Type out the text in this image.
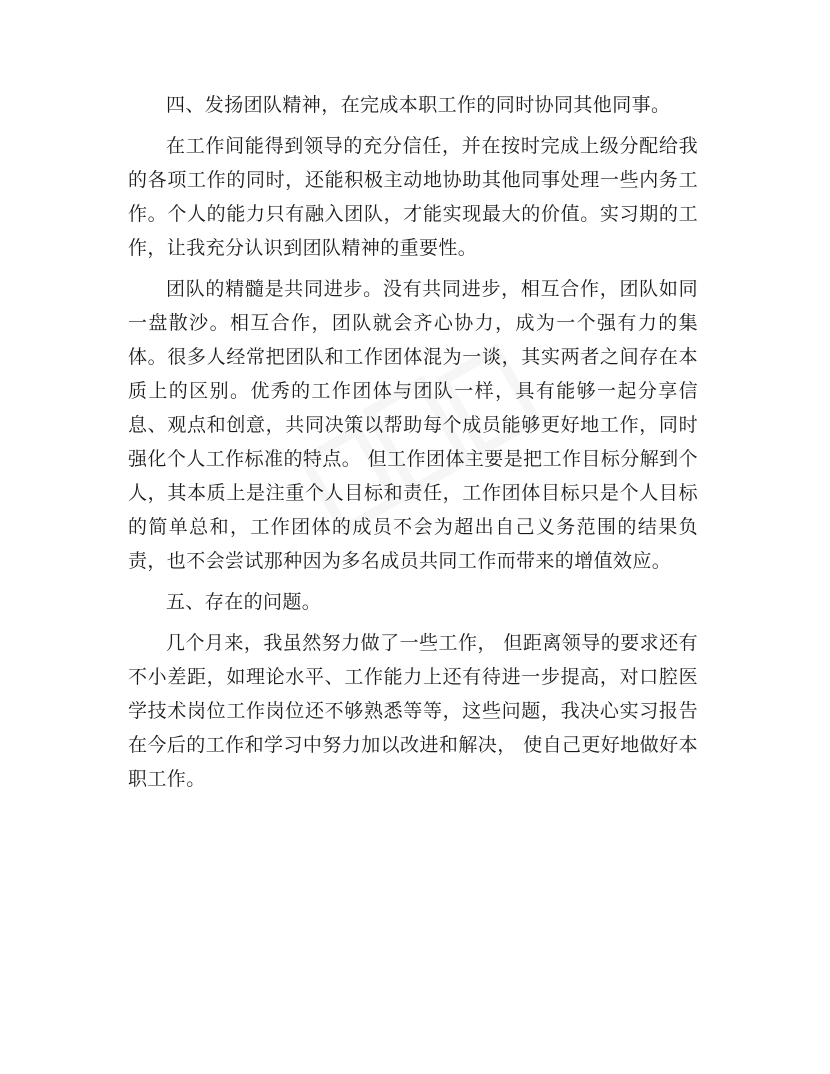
四、发扬团队精神，在完成本职工作的同时协同其他同事。

在工作间能得到领导的充分信任，并在按时完成上级分配给我的各项工作的同时，还能积极主动地协助其他同事处理一些内务工作。个人的能力只有融入团队，才能实现最大的价值。实习期的工作，让我充分认识到团队精神的重要性。

团队的精髓是共同进步。没有共同进步，相互合作，团队如同一盘散沙。相互合作，团队就会齐心协力，成为一个强有力的集体。很多人经常把团队和工作团体混为一谈，其实两者之间存在本质上的区别。优秀的工作团体与团队一样，具有能够一起分享信息、观点和创意，共同决策以帮助每个成员能够更好地工作，同时强化个人工作标准的特点。 但工作团体主要是把工作目标分解到个人，其本质上是注重个人目标和责任，工作团体目标只是个人目标的简单总和，工作团体的成员不会为超出自己义务范围的结果负责，也不会尝试那种因为多名成员共同工作而带来的增值效应。

五、存在的问题。

几个月来，我虽然努力做了一些工作， 但距离领导的要求还有不小差距，如理论水平、工作能力上还有待进一步提高，对口腔医学技术岗位工作岗位还不够熟悉等等，这些问题，我决心实习报告在今后的工作和学习中努力加以改进和解决， 使自己更好地做好本职工作。
